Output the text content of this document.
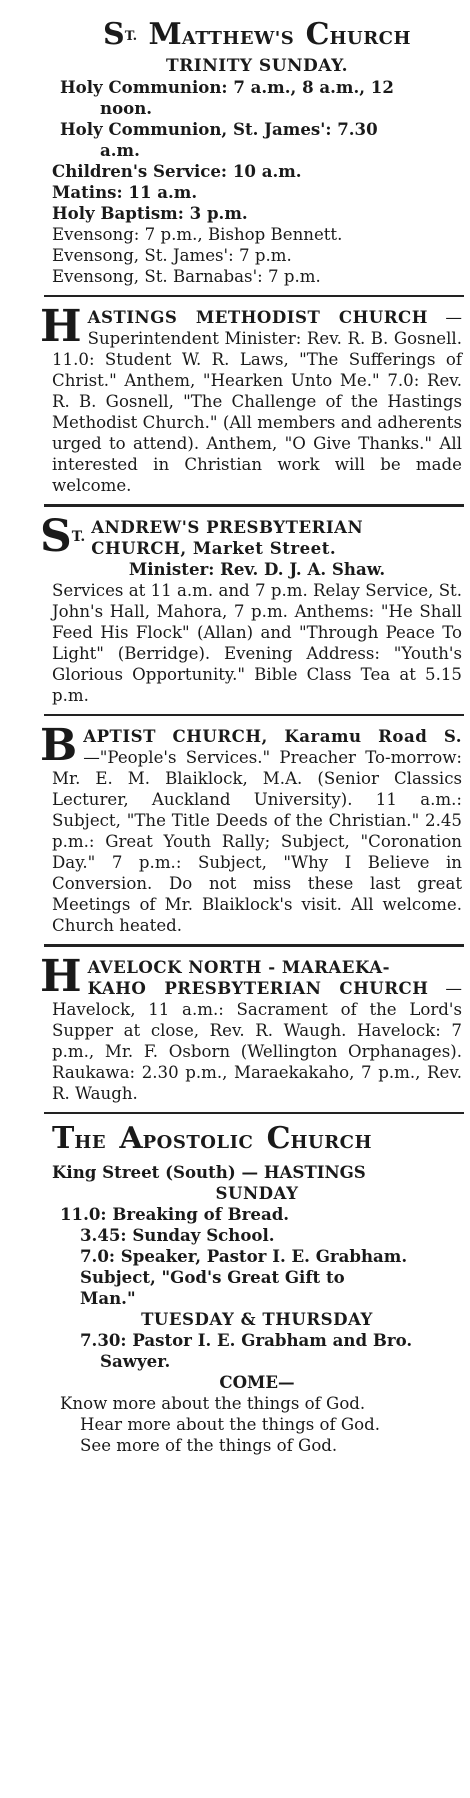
$S^{T.}$ MATTHEW'S CHURCH

TRINITY SUNDAY.

Holy Communion: 7 a.m., 8 a.m., 12

noon.

Holy Communion, St. James': 7.30

a.m.

Children's Service: 10 a.m.

Matins: 11 a.m.

Holy Baptism: 3 p.m.

Evensong: 7 p.m., Bishop Bennett.

Evensong, St. James': 7 p.m.

Evensong, St. Barnabas': 7 p.m.

HASTINGS METHODIST CHURCH —Superintendent Minister: Rev. R. B. Gosnell. 11.0: Student W. R. Laws, "The Sufferings of Christ." Anthem, "Hearken Unto Me." 7.0: Rev. R. B. Gosnell, "The Challenge of the Hastings Methodist Church." (All members and adherents urged to attend). Anthem, "O Give Thanks." All interested in Christian work will be made welcome.

$S^{T.}$ ANDREW'S PRESBYTERIAN
CHURCH, Market Street.

Minister: Rev. D. J. A. Shaw.

Services at 11 a.m. and 7 p.m. Relay Service, St. John's Hall, Mahora, 7 p.m. Anthems: "He Shall Feed His Flock" (Allan) and "Through Peace To Light" (Berridge). Evening Address: "Youth's Glorious Opportunity." Bible Class Tea at 5.15 p.m.

BAPTIST CHURCH, Karamu Road S. —"People's Services." Preacher To-morrow: Mr. E. M. Blaiklock, M.A. (Senior Classics Lecturer, Auckland University). 11 a.m.: Subject, "The Title Deeds of the Christian." 2.45 p.m.: Great Youth Rally; Subject, "Coronation Day." 7 p.m.: Subject, "Why I Believe in Conversion. Do not miss these last great Meetings of Mr. Blaiklock's visit. All welcome. Church heated.

HAVELOCK NORTH - MARAEKA-
KAHO PRESBYTERIAN CHURCH —Havelock, 11 a.m.: Sacrament of the Lord's Supper at close, Rev. R. Waugh. Havelock: 7 p.m., Mr. F. Osborn (Wellington Orphanages). Raukawa: 2.30 p.m., Maraekakaho, 7 p.m., Rev. R. Waugh.

THE APOSTOLIC CHURCH

King Street (South) — HASTINGS

SUNDAY

11.0: Breaking of Bread.

3.45: Sunday School.

7.0: Speaker, Pastor I. E. Grabham.

Subject, "God's Great Gift to

Man."

TUESDAY & THURSDAY

7.30: Pastor I. E. Grabham and Bro.

Sawyer.

COME—

Know more about the things of God.

Hear more about the things of God.

See more of the things of God.
